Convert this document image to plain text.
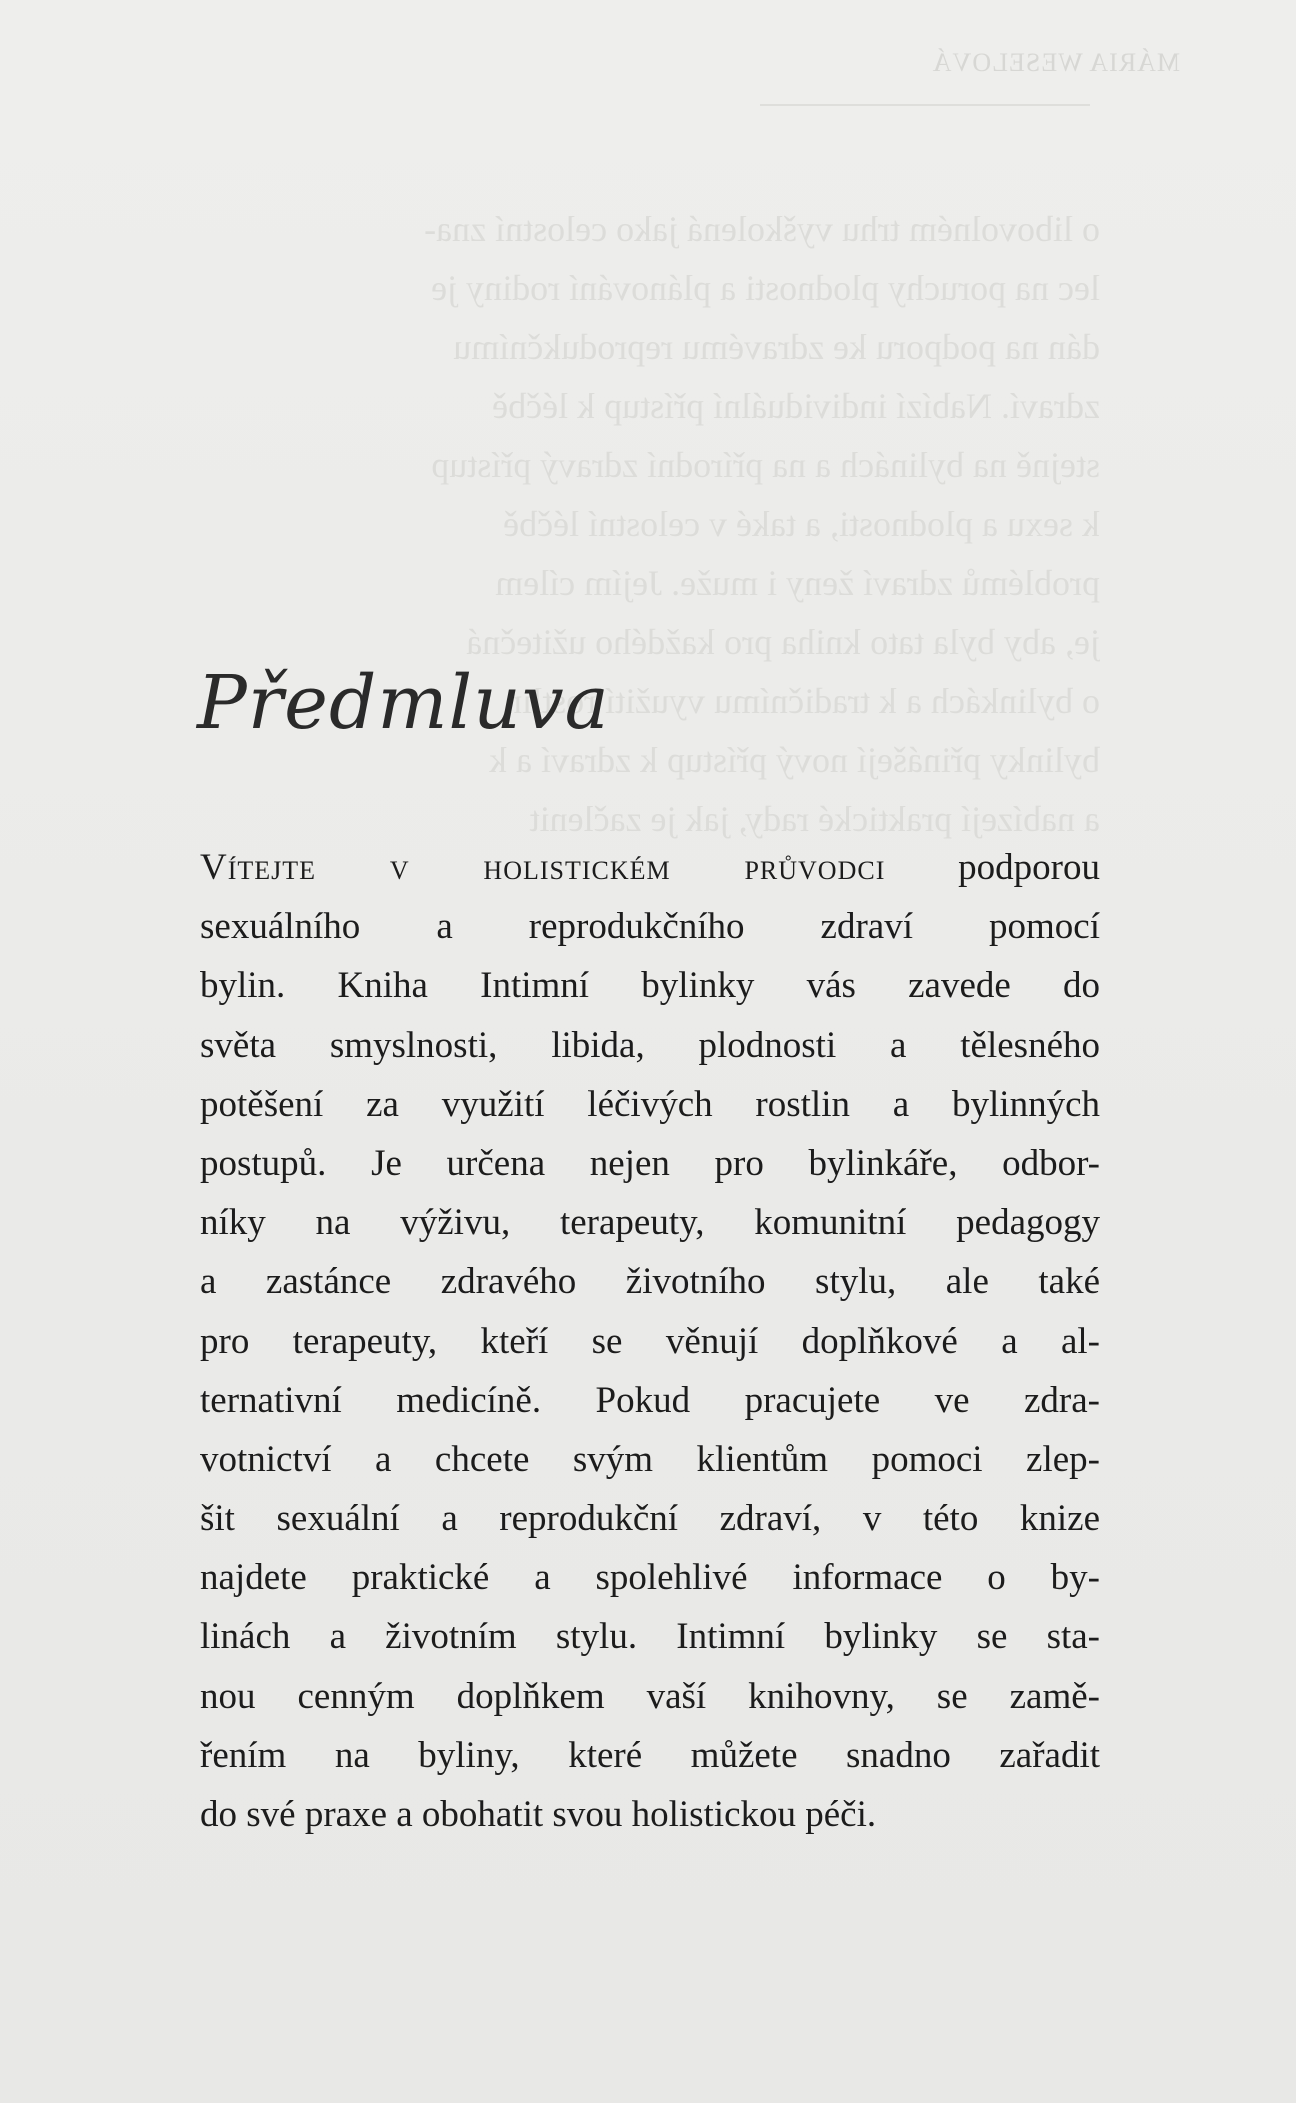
MÁRIA WESELOVÁ
o libovolném trhu vyškolená jako celostní zna-
lec na poruchy plodnosti a plánování rodiny je
dán na podporu ke zdravému reprodukčnímu
zdraví. Nabízí individuální přístup k léčbě
stejně na bylinách a na přírodní zdravý přístup
k sexu a plodnosti, a také v celostní léčbě
problémů zdraví ženy i muže. Jejím cílem
je, aby byla tato kniha pro každého užitečná
o bylinkách a k tradičnímu využití rostlin
bylinky přinášejí nový přístup k zdraví a k
a nabízejí praktické rady, jak je začlenit
Předmluva
Vítejte v holistickém průvodci podporou
sexuálního a reprodukčního zdraví pomocí
bylin. Kniha Intimní bylinky vás zavede do
světa smyslnosti, libida, plodnosti a tělesného
potěšení za využití léčivých rostlin a bylinných
postupů. Je určena nejen pro bylinkáře, odbor-
níky na výživu, terapeuty, komunitní pedagogy
a zastánce zdravého životního stylu, ale také
pro terapeuty, kteří se věnují doplňkové a al-
ternativní medicíně. Pokud pracujete ve zdra-
votnictví a chcete svým klientům pomoci zlep-
šit sexuální a reprodukční zdraví, v této knize
najdete praktické a spolehlivé informace o by-
linách a životním stylu. Intimní bylinky se sta-
nou cenným doplňkem vaší knihovny, se zamě-
řením na byliny, které můžete snadno zařadit
do své praxe a obohatit svou holistickou péči.
